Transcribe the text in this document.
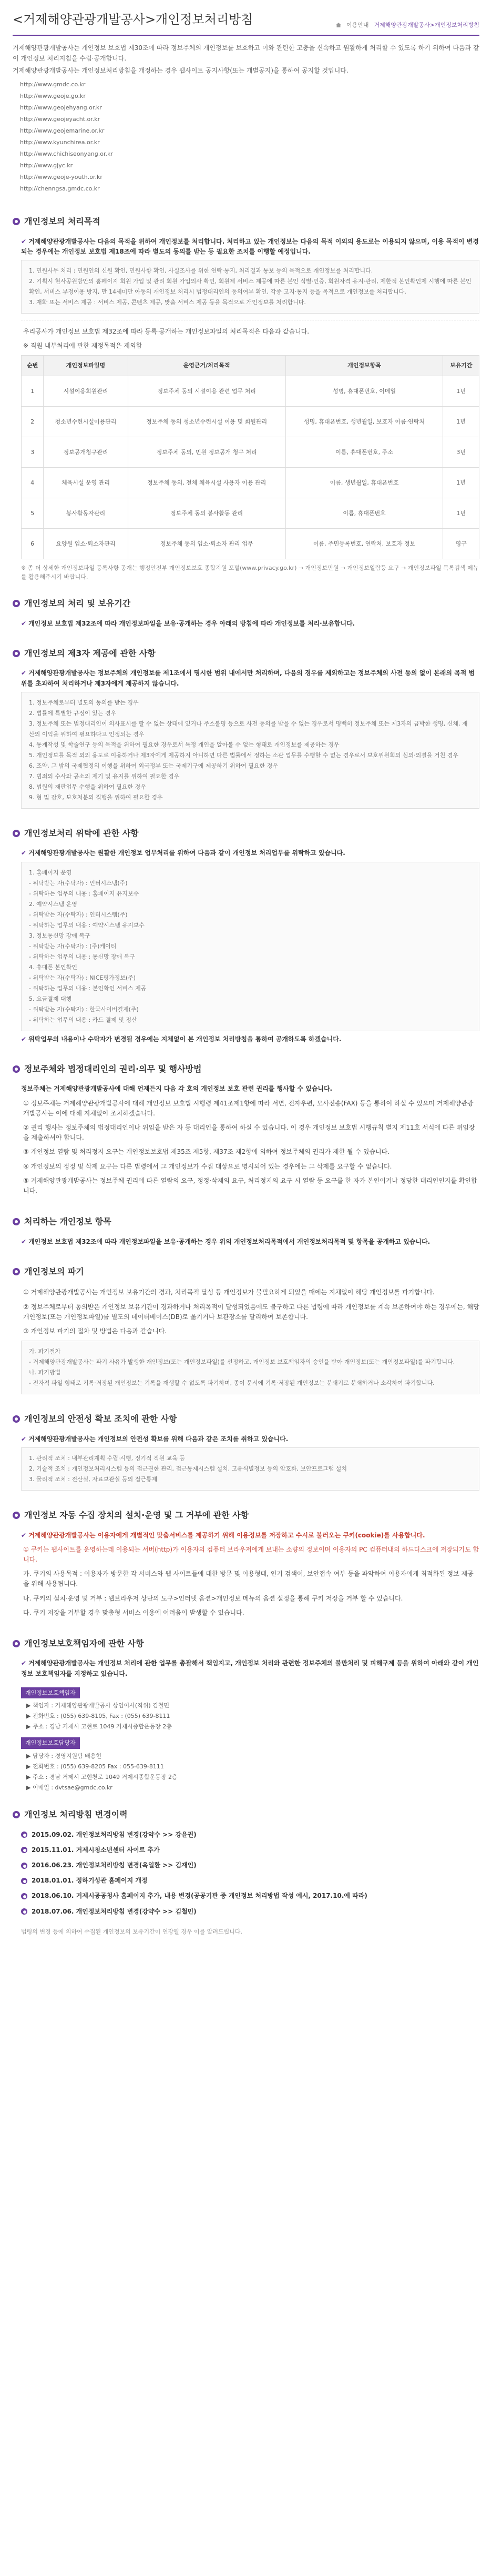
<거제해양관광개발공사>개인정보처리방침	이용안내 거제해양관광개발공사>개인정보처리방침

거제해양관광개발공사는 개인정보 보호법 제30조에 따라 정보주체의 개인정보를 보호하고 이와 관련한 고충을 신속하고 원활하게 처리할 수 있도록 하기 위하여 다음과 같이 개인정보 처리지침을 수립·공개합니다.

거제해양관광개발공사는 개인정보처리방침을 개정하는 경우 웹사이트 공지사항(또는 개별공지)을 통하여 공지할 것입니다.

http://www.gmdc.co.kr
http://www.geoje.go.kr
http://www.geojehyang.or.kr
http://www.geojeyacht.or.kr
http://www.geojemarine.or.kr
http://www.kyunchirea.or.kr
http://www.chichiseonyang.or.kr
http://www.gjyc.kr
http://www.geoje-youth.or.kr
http://chenngsa.gmdc.co.kr
개인정보의 처리목적

✔ 거제해양관광개발공사는 다음의 목적을 위하여 개인정보를 처리합니다. 처리하고 있는 개인정보는 다음의 목적 이외의 용도로는 이용되지 않으며, 이용 목적이 변경되는 경우에는 개인정보 보호법 제18조에 따라 별도의 동의를 받는 등 필요한 조치를 이행할 예정입니다.

1. 민원사무 처리 : 민원인의 신원 확인, 민원사항 확인, 사실조사를 위한 연락·통지, 처리결과 통보 등의 목적으로 개인정보를 처리합니다.
2. 기획시 현사공원방안의 홈페이지 회원 가입 및 관리 회원 가입의사 확인, 회원제 서비스 제공에 따른 본인 식별·인증, 회원자격 유지·관리, 제한적 본인확인제 시행에 따른 본인확인, 서비스 부정이용 방지, 만 14세미만 아동의 개인정보 처리시 법정대리인의 동의여부 확인, 각종 고지·통지 등을 목적으로 개인정보를 처리합니다.
3. 재화 또는 서비스 제공 : 서비스 제공, 콘텐츠 제공, 맞춤 서비스 제공 등을 목적으로 개인정보를 처리합니다.

우리공사가 개인정보 보호법 제32조에 따라 등록·공개하는 개인정보파일의 처리목적은 다음과 같습니다.

※ 직원 내부처리에 관한 제정목적은 제외함

순번	개인정보파일명	운영근거/처리목적	개인정보항목	보유기간
1	시설이용회원관리	정보주체 동의 시설이용 관련 업무 처리	성명, 휴대폰번호, 이메일	1년
2	청소년수련시설이용관리	정보주체 동의 청소년수련시설 이용 및 회원관리	성명, 휴대폰번호, 생년월일, 보호자 이름·연락처	1년
3	정보공개청구관리	정보주체 동의, 민원 정보공개 청구 처리	이름, 휴대폰번호, 주소	3년
4	체육시설 운영 관리	정보주체 동의, 전체 체육시설 사용자 이용 관리	이름, 생년월일, 휴대폰번호	1년
5	봉사활동자관리	정보주체 동의 봉사활동 관리	이름, 휴대폰번호	1년
6	요양원 입소·퇴소자관리	정보주체 동의 입소·퇴소자 관리 업무	이름, 주민등록번호, 연락처, 보호자 정보	영구

※ 좀 더 상세한 개인정보파일 등록사항 공개는 행정안전부 개인정보보호 종합지원 포털(www.privacy.go.kr) → 개인정보민원 → 개인정보열람등 요구 → 개인정보파일 목록검색 메뉴를 활용해주시기 바랍니다.

개인정보의 처리 및 보유기간

✔ 개인정보 보호법 제32조에 따라 개인정보파일을 보유·공개하는 경우 아래의 방침에 따라 개인정보를 처리·보유합니다.

개인정보의 제3자 제공에 관한 사항

✔ 거제해양관광개발공사는 정보주체의 개인정보를 제1조에서 명시한 범위 내에서만 처리하며, 다음의 경우를 제외하고는 정보주체의 사전 동의 없이 본래의 목적 범위를 초과하여 처리하거나 제3자에게 제공하지 않습니다.

1. 정보주체로부터 별도의 동의를 받는 경우
2. 법률에 특별한 규정이 있는 경우
3. 정보주체 또는 법정대리인이 의사표시를 할 수 없는 상태에 있거나 주소불명 등으로 사전 동의를 받을 수 없는 경우로서 명백히 정보주체 또는 제3자의 급박한 생명, 신체, 재산의 이익을 위하여 필요하다고 인정되는 경우
4. 통계작성 및 학술연구 등의 목적을 위하여 필요한 경우로서 특정 개인을 알아볼 수 없는 형태로 개인정보를 제공하는 경우
5. 개인정보를 목적 외의 용도로 이용하거나 제3자에게 제공하지 아니하면 다른 법률에서 정하는 소관 업무를 수행할 수 없는 경우로서 보호위원회의 심의·의결을 거친 경우
6. 조약, 그 밖의 국제협정의 이행을 위하여 외국정부 또는 국제기구에 제공하기 위하여 필요한 경우
7. 범죄의 수사와 공소의 제기 및 유지를 위하여 필요한 경우
8. 법원의 재판업무 수행을 위하여 필요한 경우
9. 형 및 감호, 보호처분의 집행을 위하여 필요한 경우
개인정보처리 위탁에 관한 사항

✔ 거제해양관광개발공사는 원활한 개인정보 업무처리를 위하여 다음과 같이 개인정보 처리업무를 위탁하고 있습니다.

1. 홈페이지 운영
- 위탁받는 자(수탁자) : 인터시스템(주)
- 위탁하는 업무의 내용 : 홈페이지 유지보수
2. 예약시스템 운영
- 위탁받는 자(수탁자) : 인터시스템(주)
- 위탁하는 업무의 내용 : 예약시스템 유지보수
3. 정보통신망 장애 복구
- 위탁받는 자(수탁자) : (주)케이티
- 위탁하는 업무의 내용 : 통신망 장애 복구
4. 휴대폰 본인확인
- 위탁받는 자(수탁자) : NICE평가정보(주)
- 위탁하는 업무의 내용 : 본인확인 서비스 제공
5. 요금결제 대행
- 위탁받는 자(수탁자) : 한국사이버결제(주)
- 위탁하는 업무의 내용 : 카드 결제 및 정산

✔ 위탁업무의 내용이나 수탁자가 변경될 경우에는 지체없이 본 개인정보 처리방침을 통하여 공개하도록 하겠습니다.

정보주체와 법정대리인의 권리·의무 및 행사방법

정보주체는 거제해양관광개발공사에 대해 언제든지 다음 각 호의 개인정보 보호 관련 권리를 행사할 수 있습니다.

① 정보주체는 거제해양관광개발공사에 대해 개인정보 보호법 시행령 제41조제1항에 따라 서면, 전자우편, 모사전송(FAX) 등을 통하여 하실 수 있으며 거제해양관광개발공사는 이에 대해 지체없이 조치하겠습니다.

② 권리 행사는 정보주체의 법정대리인이나 위임을 받은 자 등 대리인을 통하여 하실 수 있습니다. 이 경우 개인정보 보호법 시행규칙 별지 제11호 서식에 따른 위임장을 제출하셔야 합니다.

③ 개인정보 열람 및 처리정지 요구는 개인정보보호법 제35조 제5항, 제37조 제2항에 의하여 정보주체의 권리가 제한 될 수 있습니다.

④ 개인정보의 정정 및 삭제 요구는 다른 법령에서 그 개인정보가 수집 대상으로 명시되어 있는 경우에는 그 삭제를 요구할 수 없습니다.

⑤ 거제해양관광개발공사는 정보주체 권리에 따른 열람의 요구, 정정·삭제의 요구, 처리정지의 요구 시 열람 등 요구를 한 자가 본인이거나 정당한 대리인인지를 확인합니다.

처리하는 개인정보 항목

✔ 개인정보 보호법 제32조에 따라 개인정보파일을 보유·공개하는 경우 위의 개인정보처리목적에서 개인정보처리목적 및 항목을 공개하고 있습니다.

개인정보의 파기

① 거제해양관광개발공사는 개인정보 보유기간의 경과, 처리목적 달성 등 개인정보가 불필요하게 되었을 때에는 지체없이 해당 개인정보를 파기합니다.

② 정보주체로부터 동의받은 개인정보 보유기간이 경과하거나 처리목적이 달성되었음에도 불구하고 다른 법령에 따라 개인정보를 계속 보존하여야 하는 경우에는, 해당 개인정보(또는 개인정보파일)를 별도의 데이터베이스(DB)로 옮기거나 보관장소를 달리하여 보존합니다.

③ 개인정보 파기의 절차 및 방법은 다음과 같습니다.

가. 파기절차
- 거제해양관광개발공사는 파기 사유가 발생한 개인정보(또는 개인정보파일)를 선정하고, 개인정보 보호책임자의 승인을 받아 개인정보(또는 개인정보파일)를 파기합니다.
나. 파기방법
- 전자적 파일 형태로 기록·저장된 개인정보는 기록을 재생할 수 없도록 파기하며, 종이 문서에 기록·저장된 개인정보는 분쇄기로 분쇄하거나 소각하여 파기합니다.
개인정보의 안전성 확보 조치에 관한 사항

✔ 거제해양관광개발공사는 개인정보의 안전성 확보를 위해 다음과 같은 조치를 취하고 있습니다.

1. 관리적 조치 : 내부관리계획 수립·시행, 정기적 직원 교육 등
2. 기술적 조치 : 개인정보처리시스템 등의 접근권한 관리, 접근통제시스템 설치, 고유식별정보 등의 암호화, 보안프로그램 설치
3. 물리적 조치 : 전산실, 자료보관실 등의 접근통제
개인정보 자동 수집 장치의 설치·운영 및 그 거부에 관한 사항

✔ 거제해양관광개발공사는 이용자에게 개별적인 맞춤서비스를 제공하기 위해 이용정보를 저장하고 수시로 불러오는 쿠키(cookie)를 사용합니다.

① 쿠키는 웹사이트를 운영하는데 이용되는 서버(http)가 이용자의 컴퓨터 브라우저에게 보내는 소량의 정보이며 이용자의 PC 컴퓨터내의 하드디스크에 저장되기도 합니다.

가. 쿠키의 사용목적 : 이용자가 방문한 각 서비스와 웹 사이트들에 대한 방문 및 이용형태, 인기 검색어, 보안접속 여부 등을 파악하여 이용자에게 최적화된 정보 제공을 위해 사용됩니다.

나. 쿠키의 설치·운영 및 거부 : 웹브라우저 상단의 도구>인터넷 옵션>개인정보 메뉴의 옵션 설정을 통해 쿠키 저장을 거부 할 수 있습니다.

다. 쿠키 저장을 거부할 경우 맞춤형 서비스 이용에 어려움이 발생할 수 있습니다.

개인정보보호책임자에 관한 사항

✔ 거제해양관광개발공사는 개인정보 처리에 관한 업무를 총괄해서 책임지고, 개인정보 처리와 관련한 정보주체의 불만처리 및 피해구제 등을 위하여 아래와 같이 개인정보 보호책임자를 지정하고 있습니다.

개인정보보호책임자
▶ 책임자 : 거제해양관광개발공사 상임이사(직위) 김철민
▶ 전화번호 : (055) 639-8105, Fax : (055) 639-8111
▶ 주소 : 경남 거제시 고현로 1049 거제시종합운동장 2층
개인정보보호담당자
▶ 담당자 : 경영지원팀 배용현
▶ 전화번호 : (055) 639-8205 Fax : 055-639-8111
▶ 주소 : 경남 거제시 고현천로 1049 거제시종합운동장 2층
▶ 이메일 : dvtsae@gmdc.co.kr
개인정보 처리방침 변경이력
2015.09.02. 개인정보처리방침 변경(강약수 >> 강윤권)
2015.11.01. 거제시청소년센터 사이트 추가
2016.06.23. 개인정보처리방침 변경(옥일환 >> 김재인)
2018.01.01. 정하기성관 홈페이지 개정
2018.06.10. 거제시공공청사 홈페이지 추가, 내용 변경(공공기관 중 개인정보 처리방법 작성 예시, 2017.10.에 따라)
2018.07.06. 개인정보처리방침 변경(강약수 >> 김철민)

법령의 변경 등에 의하여 수집된 개인정보의 보유기간이 연장될 경우 이를 알려드립니다.
